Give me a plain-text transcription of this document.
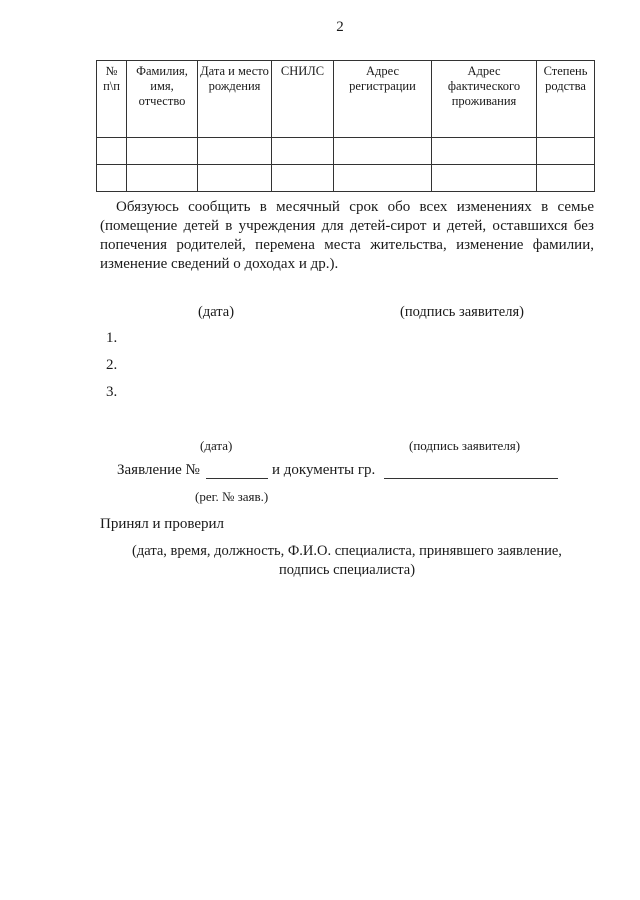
2
№ п\п	Фамилия, имя, отчество	Дата и место рождения	СНИЛС	Адрес регистрации	Адрес фактического проживания	Степень родства

Обязуюсь сообщить в месячный срок обо всех изменениях в семье (помещение детей в учреждения для детей-сирот и детей, оставшихся без попечения родителей, перемена места жительства, изменение фамилии, изменение сведений о доходах и др.).
(дата)	(подпись заявителя)
1.
2.
3.
(дата)	(подпись заявителя)
Заявление №	и документы гр.
(рег. № заяв.)
Принял и проверил
(дата, время, должность, Ф.И.О. специалиста, принявшего заявление,
подпись специалиста)
